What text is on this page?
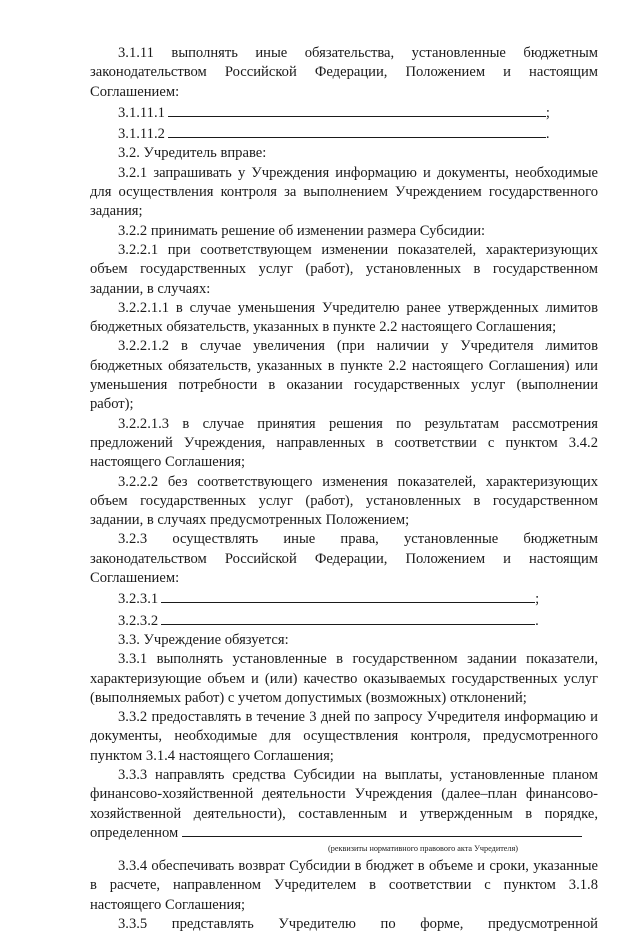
3.1.11 выполнять иные обязательства, установленные бюджетным законодательством Российской Федерации, Положением и настоящим Соглашением:

3.1.11.1	;
3.1.11.2	.

3.2. Учредитель вправе:

3.2.1 запрашивать у Учреждения информацию и документы, необходимые для осуществления контроля за выполнением Учреждением государственного задания;

3.2.2 принимать решение об изменении размера Субсидии:

3.2.2.1 при соответствующем изменении показателей, характеризующих объем государственных услуг (работ), установленных в государственном задании, в случаях:

3.2.2.1.1 в случае уменьшения Учредителю ранее утвержденных лимитов бюджетных обязательств, указанных в пункте 2.2 настоящего Соглашения;

3.2.2.1.2 в случае увеличения (при наличии у Учредителя лимитов бюджетных обязательств, указанных в пункте 2.2 настоящего Соглашения) или уменьшения потребности в оказании государственных услуг (выполнении работ);

3.2.2.1.3 в случае принятия решения по результатам рассмотрения предложений Учреждения, направленных в соответствии с пунктом 3.4.2 настоящего Соглашения;

3.2.2.2 без соответствующего изменения показателей, характеризующих объем государственных услуг (работ), установленных в государственном задании, в случаях предусмотренных Положением;

3.2.3 осуществлять иные права, установленные бюджетным законодательством Российской Федерации, Положением и настоящим Соглашением:

3.2.3.1	;
3.2.3.2	.

3.3. Учреждение обязуется:

3.3.1 выполнять установленные в государственном задании показатели, характеризующие объем и (или) качество оказываемых государственных услуг (выполняемых работ) с учетом допустимых (возможных) отклонений;

3.3.2 предоставлять в течение 3 дней по запросу Учредителя информацию и документы, необходимые для осуществления контроля, предусмотренного пунктом 3.1.4 настоящего Соглашения;

3.3.3 направлять средства Субсидии на выплаты, установленные планом финансово-хозяйственной деятельности Учреждения (далее–план финансово-хозяйственной деятельности), составленным и утвержденным в порядке,

определенном

(реквизиты нормативного правового акта Учредителя)

3.3.4 обеспечивать возврат Субсидии в бюджет в объеме и сроки, указанные в расчете, направленном Учредителем в соответствии с пунктом 3.1.8 настоящего Соглашения;

3.3.5 представлять Учредителю по форме, предусмотренной
